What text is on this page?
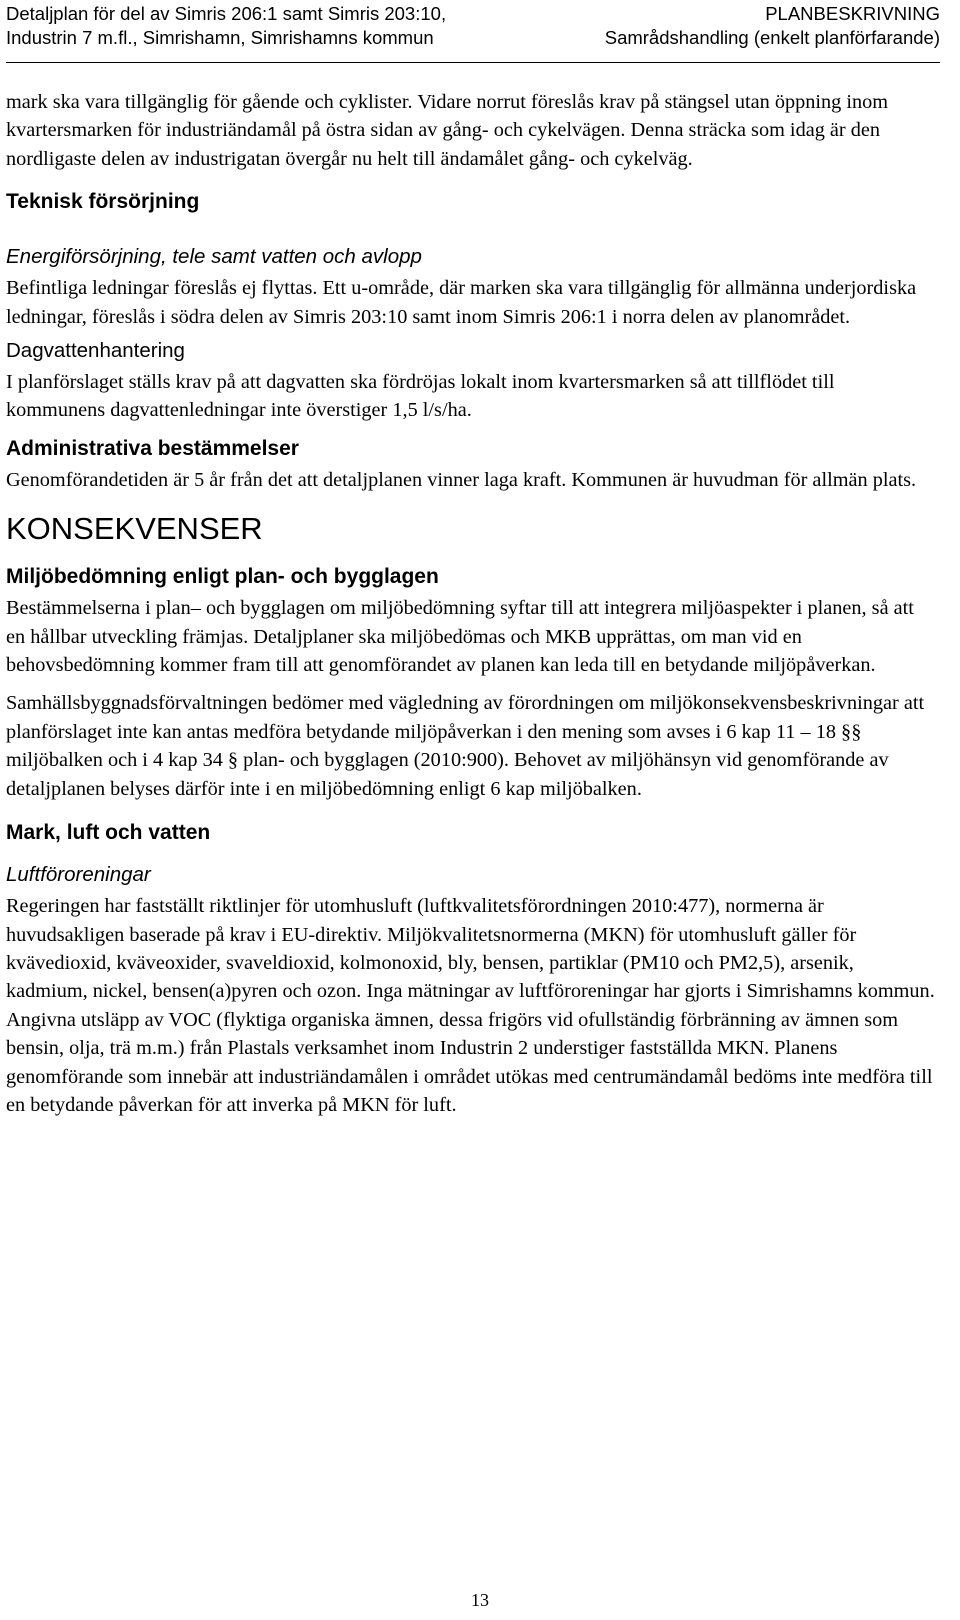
Detaljplan för del av Simris 206:1 samt Simris 203:10,
Industrin 7 m.fl., Simrishamn, Simrishamns kommun
PLANBESKRIVNING
Samrådshandling (enkelt planförfarande)

mark ska vara tillgänglig för gående och cyklister. Vidare norrut föreslås krav på stängsel utan öppning inom kvartersmarken för industriändamål på östra sidan av gång- och cykelvägen. Denna sträcka som idag är den nordligaste delen av industrigatan övergår nu helt till ändamålet gång- och cykelväg.

Teknisk försörjning
Energiförsörjning, tele samt vatten och avlopp

Befintliga ledningar föreslås ej flyttas. Ett u-område, där marken ska vara tillgänglig för allmänna underjordiska ledningar, föreslås i södra delen av Simris 203:10 samt inom Simris 206:1 i norra delen av planområdet.

Dagvattenhantering

I planförslaget ställs krav på att dagvatten ska fördröjas lokalt inom kvartersmarken så att tillflödet till kommunens dagvattenledningar inte överstiger 1,5 l/s/ha.

Administrativa bestämmelser

Genomförandetiden är 5 år från det att detaljplanen vinner laga kraft. Kommunen är huvudman för allmän plats.

KONSEKVENSER
Miljöbedömning enligt plan- och bygglagen

Bestämmelserna i plan– och bygglagen om miljöbedömning syftar till att integrera miljöaspekter i planen, så att en hållbar utveckling främjas. Detaljplaner ska miljöbedömas och MKB upprättas, om man vid en behovsbedömning kommer fram till att genomförandet av planen kan leda till en betydande miljöpåverkan.

Samhällsbyggnadsförvaltningen bedömer med vägledning av förordningen om miljökonsekvensbeskrivningar att planförslaget inte kan antas medföra betydande miljöpåverkan i den mening som avses i 6 kap 11 – 18 §§ miljöbalken och i 4 kap 34 § plan- och bygglagen (2010:900). Behovet av miljöhänsyn vid genomförande av detaljplanen belyses därför inte i en miljöbedömning enligt 6 kap miljöbalken.

Mark, luft och vatten
Luftföroreningar

Regeringen har fastställt riktlinjer för utomhusluft (luftkvalitetsförordningen 2010:477), normerna är huvudsakligen baserade på krav i EU-direktiv. Miljökvalitetsnormerna (MKN) för utomhusluft gäller för kvävedioxid, kväveoxider, svaveldioxid, kolmonoxid, bly, bensen, partiklar (PM10 och PM2,5), arsenik, kadmium, nickel, bensen(a)pyren och ozon. Inga mätningar av luftföroreningar har gjorts i Simrishamns kommun. Angivna utsläpp av VOC (flyktiga organiska ämnen, dessa frigörs vid ofullständig förbränning av ämnen som bensin, olja, trä m.m.) från Plastals verksamhet inom Industrin 2 understiger fastställda MKN. Planens genomförande som innebär att industriändamålen i området utökas med centrumändamål bedöms inte medföra till en betydande påverkan för att inverka på MKN för luft.

13
